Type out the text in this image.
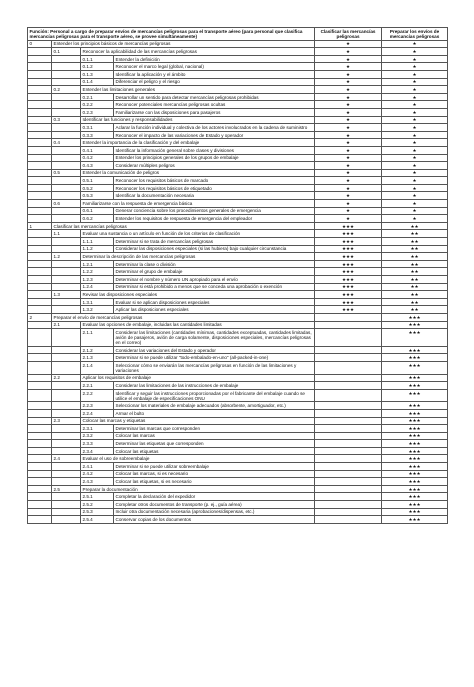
Función: Personal a cargo de preparar envíos de mercancías peligrosas para el transporte aéreo (para personal que clasifica mercancías peligrosas para el transporte aéreo, se provee simultáneamente)				Clasificar las mercancías peligrosas	Preparar los envíos de mercancías peligrosas
0	Entender los principios básicos de mercancías peligrosas			★	★
	0.1	Reconocer la aplicabilidad de las mercancías peligrosas		★	★
		0.1.1	Entender la definición	★	★
		0.1.2	Reconocer el marco legal (global, nacional)	★	★
		0.1.3	Identificar la aplicación y el ámbito	★	★
		0.1.4	Diferenciar el peligro y el riesgo	★	★
	0.2	Entender las limitaciones generales		★	★
		0.2.1	Desarrollar un sentido para detectar mercancías peligrosas prohibidas	★	★
		0.2.2	Reconocer potenciales mercancías peligrosas ocultas	★	★
		0.2.3	Familiarizarse con las disposiciones para pasajeros	★	★
	0.3	Identificar las funciones y responsabilidades		★	★
		0.3.1	Aclarar la función individual y colectiva de los actores involucrados en la cadena de suministro	★	★
		0.3.3	Reconocer el impacto de las variaciones de Estado y operador	★	★
	0.4	Entender la importancia de la clasificación y del embalaje		★	★
		0.4.1	Identificar la información general sobre clases y divisiones	★	★
		0.4.2	Entender los principios generales de los grupos de embalaje	★	★
		0.4.3	Considerar múltiples peligros	★	★
	0.5	Entender la comunicación de peligros		★	★
		0.5.1	Reconocer los requisitos básicos de marcado	★	★
		0.5.2	Reconocer los requisitos básicos de etiquetado	★	★
		0.5.3	Identificar la documentación necesaria	★	★
	0.6	Familiarizarse con la respuesta de emergencia básica		★	★
		0.6.1	Generar conciencia sobre los procedimientos generales de emergencia	★	★
		0.6.2	Entender los requisitos de respuesta de emergencia del empleador	★	★
1	Clasificar las mercancías peligrosas			★★★	★★
	1.1	Evaluar una sustancia o un artículo en función de los criterios de clasificación		★★★	★★
		1.1.1	Determinar si se trata de mercancías peligrosas	★★★	★★
		1.1.2	Considerar las disposiciones especiales (si las hubiera) bajo cualquier circunstancia	★★★	★★
	1.2	Determinar la descripción de las mercancías peligrosas		★★★	★★
		1.2.1	Determinar la clase o división	★★★	★★
		1.2.2	Determinar el grupo de embalaje	★★★	★★
		1.2.3	Determinar el nombre y número UN apropiado para el envío	★★★	★★
		1.2.4	Determinar si está prohibido a menos que se conceda una aprobación o exención	★★★	★★
	1.3	Revisar las disposiciones especiales		★★★	★★
		1.3.1	Evaluar si se aplican disposiciones especiales	★★★	★★
		1.3.2	Aplicar las disposiciones especiales	★★★	★★
2	Preparar el envío de mercancías peligrosas				★★★
	2.1	Evaluar las opciones de embalaje, incluidas las cantidades limitadas			★★★
		2.1.1	Considerar las limitaciones (cantidades mínimas, cantidades exceptuadas, cantidades limitadas, avión de pasajeros, avión de carga solamente, disposiciones especiales, mercancías peligrosas en el correo)		★★★
		2.1.2	Considerar las variaciones del Estado y operador		★★★
		2.1.3	Determinar si se puede utilizar "todo-embalado-en-uno" (all-packed-in-one)		★★★
		2.1.4	Seleccionar cómo se enviarán las mercancías peligrosas en función de las limitaciones y variaciones		★★★
	2.2	Aplicar los requisitos de embalaje			★★★
		2.2.1	Considerar las limitaciones de las instrucciones de embalaje		★★★
		2.2.2	Identificar y seguir las instrucciones proporcionadas por el fabricante del embalaje cuando se utilice el embalaje de especificaciones ONU		★★★
		2.2.3	Seleccionar los materiales de embalaje adecuados (absorbente, amortiguador, etc.)		★★★
		2.2.4	Armar el bulto		★★★
	2.3	Colocar las marcas y etiquetas			★★★
		2.3.1	Determinar las marcas que corresponden		★★★
		2.3.2	Colocar las marcas		★★★
		2.3.3	Determinar las etiquetas que corresponden		★★★
		2.3.4	Colocar las etiquetas		★★★
	2.4	Evaluar el uso de sobreembalaje			★★★
		2.4.1	Determinar si se puede utilizar sobreembalaje		★★★
		2.4.2	Colocar las marcas, si es necesario		★★★
		2.4.3	Colocar las etiquetas, si es necesario		★★★
	2.5	Preparar la documentación			★★★
		2.5.1	Completar la declaración del expedidor		★★★
		2.5.2	Completar otros documentos de transporte (p. ej., guía aérea)		★★★
		2.5.3	Incluir otra documentación necesaria (aprobaciones/dispensas, etc.)		★★★
		2.5.4	Conservar copias de los documentos		★★★
